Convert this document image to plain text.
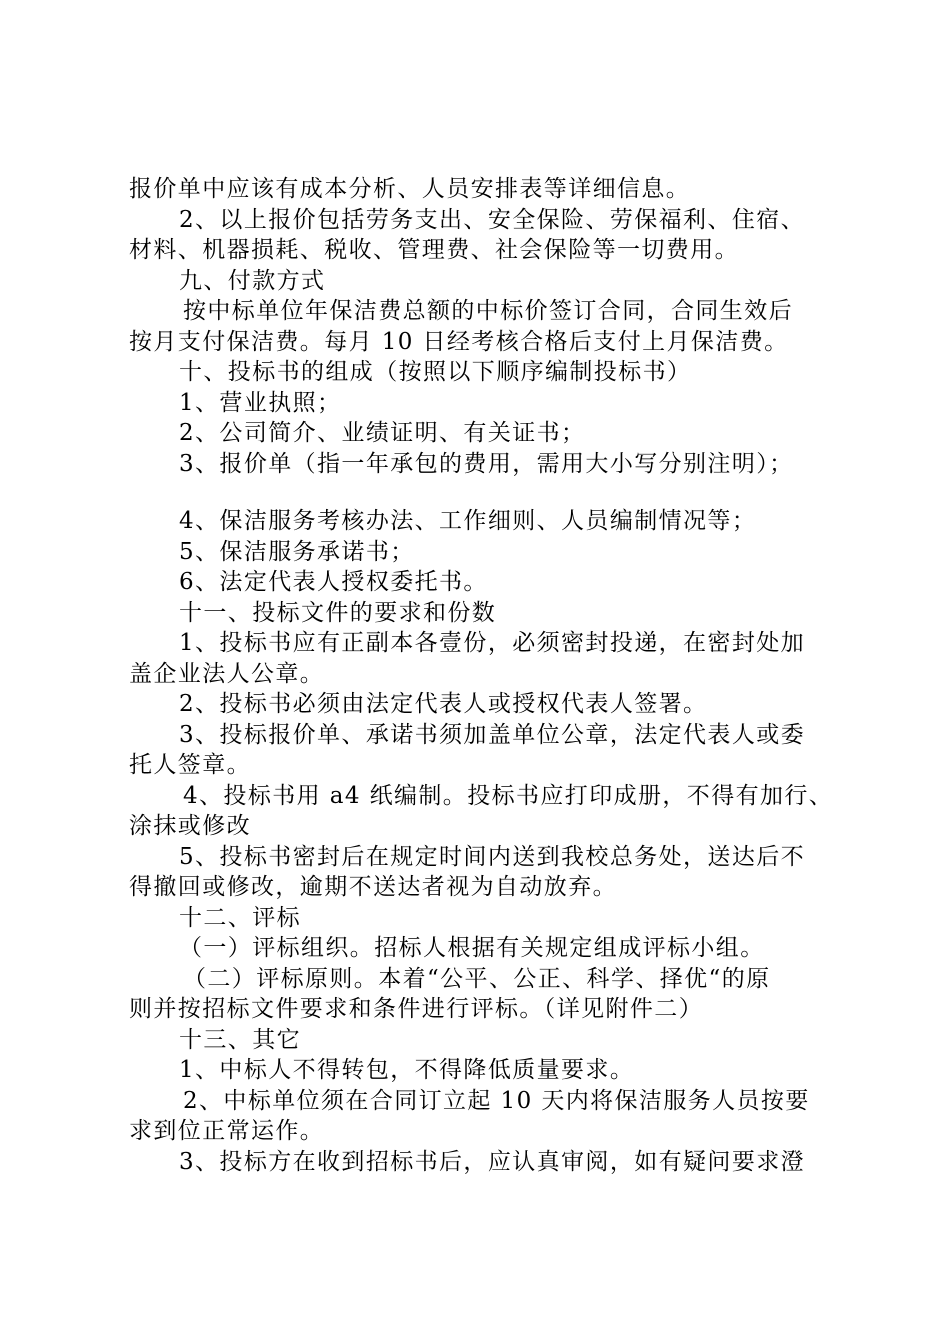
报价单中应该有成本分析、人员安排表等详细信息。
2、以上报价包括劳务支出、安全保险、劳保福利、住宿、
材料、机器损耗、税收、管理费、社会保险等一切费用。
九、付款方式
按中标单位年保洁费总额的中标价签订合同，合同生效后
按月支付保洁费。每月 10 日经考核合格后支付上月保洁费。
十、投标书的组成（按照以下顺序编制投标书）
1、营业执照；
2、公司简介、业绩证明、有关证书；
3、报价单（指一年承包的费用，需用大小写分别注明）；
4、保洁服务考核办法、工作细则、人员编制情况等；
5、保洁服务承诺书；
6、法定代表人授权委托书。
十一、投标文件的要求和份数
1、投标书应有正副本各壹份，必须密封投递，在密封处加
盖企业法人公章。
2、投标书必须由法定代表人或授权代表人签署。
3、投标报价单、承诺书须加盖单位公章，法定代表人或委
托人签章。
4、投标书用 a4 纸编制。投标书应打印成册，不得有加行、
涂抹或修改
5、投标书密封后在规定时间内送到我校总务处，送达后不
得撤回或修改，逾期不送达者视为自动放弃。
十二、评标
（一）评标组织。招标人根据有关规定组成评标小组。
（二）评标原则。本着“公平、公正、科学、择优“的原
则并按招标文件要求和条件进行评标。（详见附件二）
十三、其它
1、中标人不得转包，不得降低质量要求。
2、中标单位须在合同订立起 10 天内将保洁服务人员按要
求到位正常运作。
3、投标方在收到招标书后，应认真审阅，如有疑问要求澄
